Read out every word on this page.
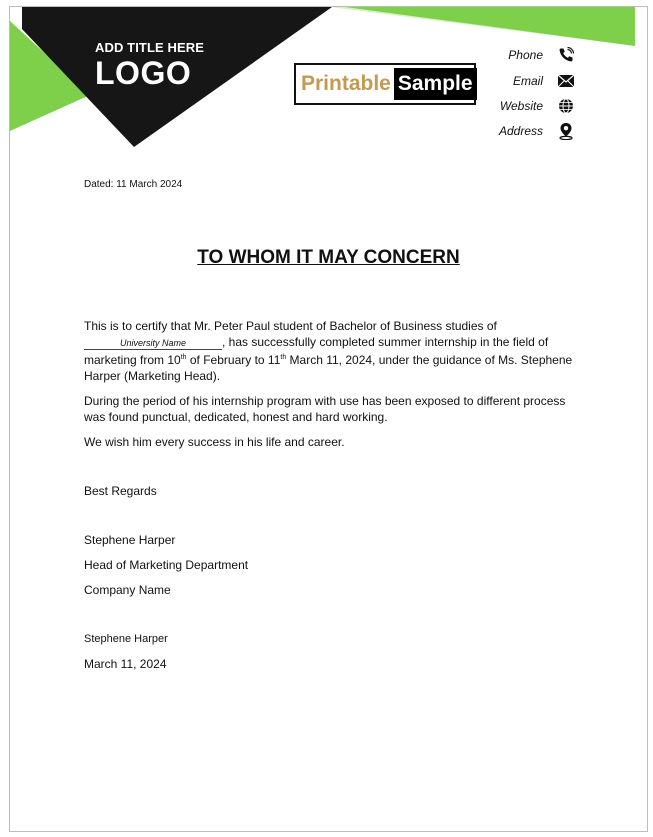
ADD TITLE HERE
LOGO	Printable Sample
Phone
Email
Website
Address
Dated: 11 March 2024
TO WHOM IT MAY CONCERN

This is to certify that Mr. Peter Paul student of Bachelor of Business studies of University Name	, has successfully completed summer internship in the field of marketing from 10th of February to 11th March 11, 2024, under the guidance of Ms. Stephene Harper (Marketing Head).

During the period of his internship program with use has been exposed to different process was found punctual, dedicated, honest and hard working.

We wish him every success in his life and career.

Best Regards
Stephene Harper
Head of Marketing Department
Company Name
Stephene Harper
March 11, 2024
